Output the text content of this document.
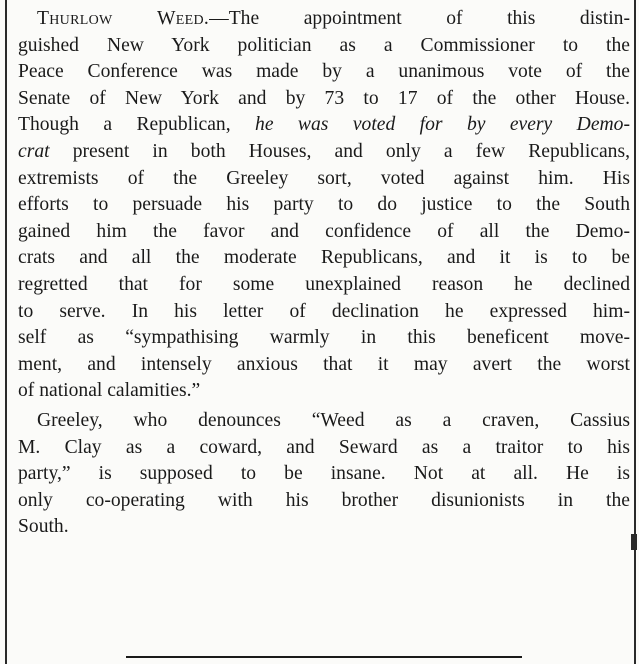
Thurlow Weed.—The appointment of this distin-
guished New York politician as a Commissioner to the
Peace Conference was made by a unanimous vote of the
Senate of New York and by 73 to 17 of the other House.
Though a Republican, he was voted for by every Demo-
crat present in both Houses, and only a few Republicans,
extremists of the Greeley sort, voted against him. His
efforts to persuade his party to do justice to the South
gained him the favor and confidence of all the Demo-
crats and all the moderate Republicans, and it is to be
regretted that for some unexplained reason he declined
to serve. In his letter of declination he expressed him-
self as “sympathising warmly in this beneficent move-
ment, and intensely anxious that it may avert the worst
of national calamities.”
Greeley, who denounces “Weed as a craven, Cassius
M. Clay as a coward, and Seward as a traitor to his
party,” is supposed to be insane. Not at all. He is
only co-operating with his brother disunionists in the
South.
